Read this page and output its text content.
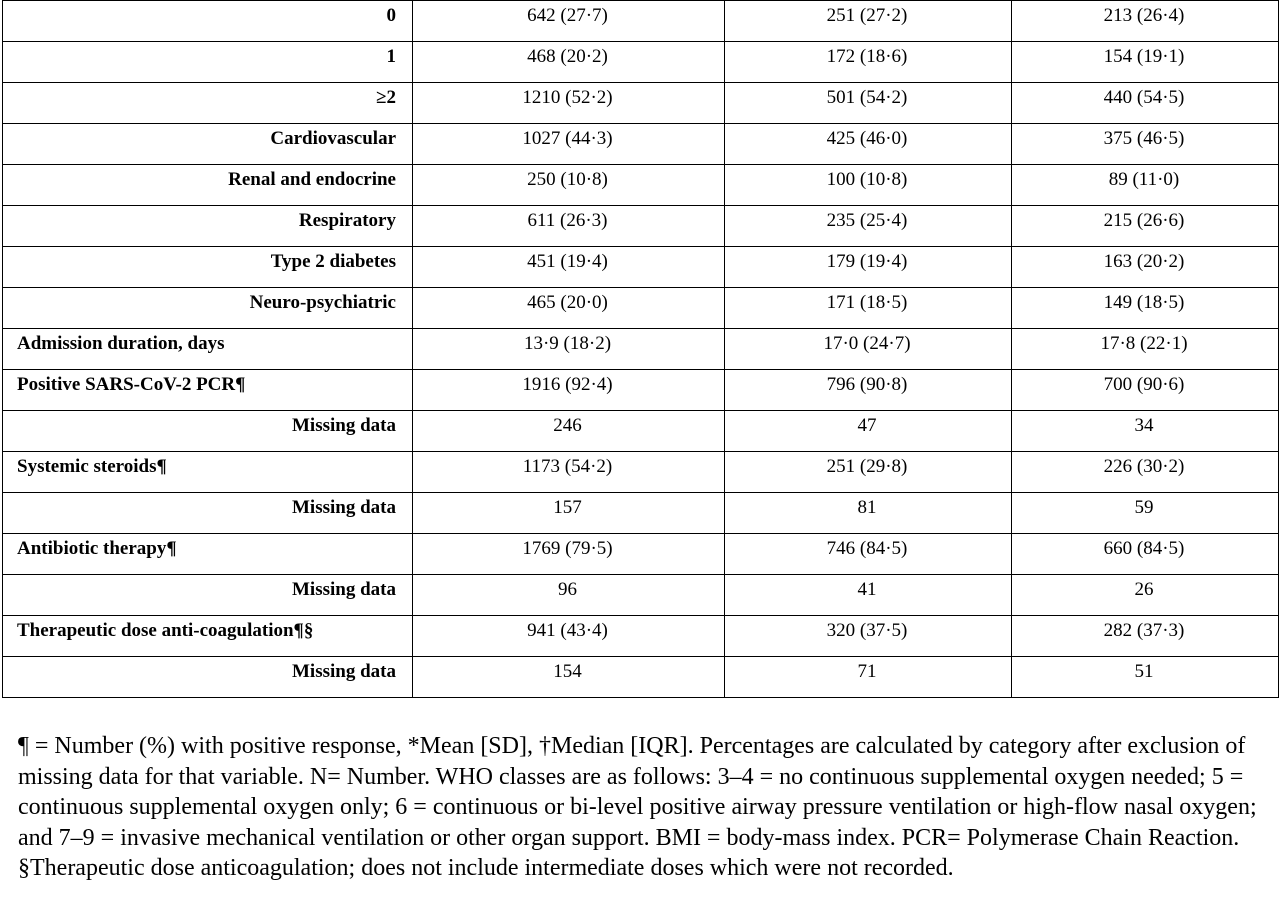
0	642 (27·7)	251 (27·2)	213 (26·4)
1	468 (20·2)	172 (18·6)	154 (19·1)
≥2	1210 (52·2)	501 (54·2)	440 (54·5)
Cardiovascular	1027 (44·3)	425 (46·0)	375 (46·5)
Renal and endocrine	250 (10·8)	100 (10·8)	89 (11·0)
Respiratory	611 (26·3)	235 (25·4)	215 (26·6)
Type 2 diabetes	451 (19·4)	179 (19·4)	163 (20·2)
Neuro-psychiatric	465 (20·0)	171 (18·5)	149 (18·5)
Admission duration, days	13·9 (18·2)	17·0 (24·7)	17·8 (22·1)
Positive SARS-CoV-2 PCR¶	1916 (92·4)	796 (90·8)	700 (90·6)
Missing data	246	47	34
Systemic steroids¶	1173 (54·2)	251 (29·8)	226 (30·2)
Missing data	157	81	59
Antibiotic therapy¶	1769 (79·5)	746 (84·5)	660 (84·5)
Missing data	96	41	26
Therapeutic dose anti-coagulation¶§	941 (43·4)	320 (37·5)	282 (37·3)
Missing data	154	71	51

¶ = Number (%) with positive response, *Mean [SD], †Median [IQR]. Percentages are calculated by category after exclusion of missing data for that variable. N= Number. WHO classes are as follows: 3–4 = no continuous supplemental oxygen needed; 5 = continuous supplemental oxygen only; 6 = continuous or bi-level positive airway pressure ventilation or high-flow nasal oxygen; and 7–9 = invasive mechanical ventilation or other organ support. BMI = body-mass index. PCR= Polymerase Chain Reaction. §Therapeutic dose anticoagulation; does not include intermediate doses which were not recorded.
